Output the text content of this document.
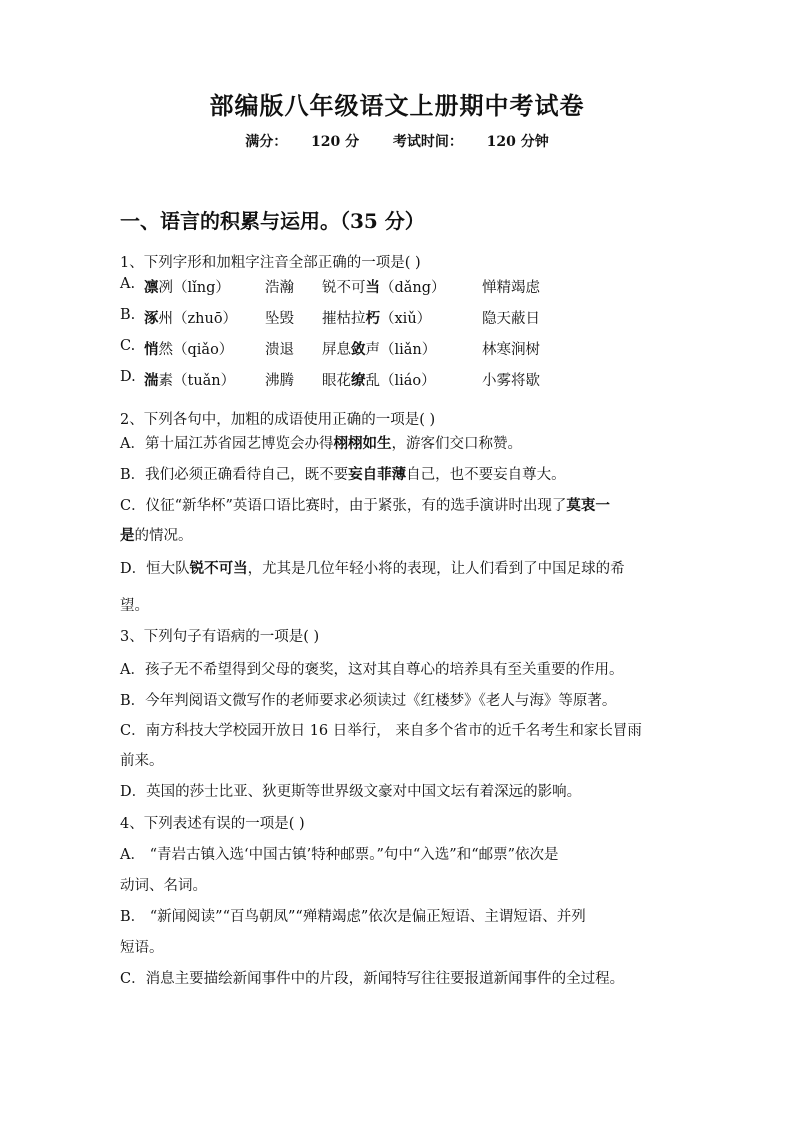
部编版八年级语文上册期中考试卷
满分： 120 分 考试时间： 120 分钟
一、语言的积累与运用。（35 分）
1、下列字形和加粗字注音全部正确的一项是( )
A. 凛冽（lǐng） 浩瀚 锐不可当（dǎng）	惮精竭虑
B. 涿州（zhuō） 坠毁 摧枯拉朽（xiǔ）	隐天蔽日
C. 悄然（qiǎo） 溃退 屏息敛声（liǎn）	林寒涧树
D. 湍素（tuǎn） 沸腾 眼花缭乱（liáo）	小雾将歇
2、下列各句中，加粗的成语使用正确的一项是( )
A．第十届江苏省园艺博览会办得栩栩如生，游客们交口称赞。
B．我们必须正确看待自己，既不要妄自菲薄自己，也不要妄自尊大。
C．仪征“新华杯”英语口语比赛时，由于紧张，有的选手演讲时出现了莫衷一
是的情况。
D．恒大队锐不可当，尤其是几位年轻小将的表现，让人们看到了中国足球的希
望。
3、下列句子有语病的一项是( )
A．孩子无不希望得到父母的褒奖，这对其自尊心的培养具有至关重要的作用。
B．今年判阅语文微写作的老师要求必须读过《红楼梦》《老人与海》等原著。
C．南方科技大学校园开放日 16 日举行， 来自多个省市的近千名考生和家长冒雨
前来。
D．英国的莎士比亚、狄更斯等世界级文豪对中国文坛有着深远的影响。
4、下列表述有误的一项是( )
A． “青岩古镇入选‘中国古镇’特种邮票。”句中“入选”和“邮票”依次是
动词、名词。
B． “新闻阅读”“百鸟朝凤”“殚精竭虑”依次是偏正短语、主谓短语、并列
短语。
C．消息主要描绘新闻事件中的片段，新闻特写往往要报道新闻事件的全过程。
